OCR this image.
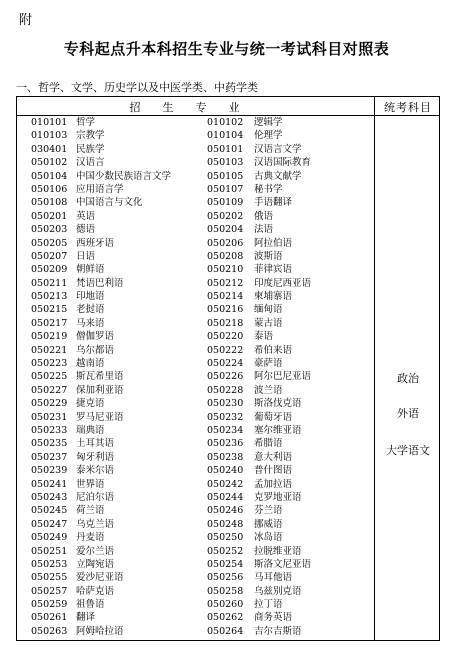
附
专科起点升本科招生专业与统一考试科目对照表
一、哲学、文学、历史学以及中医学类、中药学类
招生专业	统考科目
010101 哲学	010102 逻辑学
010103 宗教学	010104 伦理学
030401 民族学	050101 汉语言文学
050102 汉语言	050103 汉语国际教育
050104 中国少数民族语言文学	050105 古典文献学
050106 应用语言学	050107 秘书学
050108 中国语言与文化	050109 手语翻译
050201 英语	050202 俄语
050203 德语	050204 法语
050205 西班牙语	050206 阿拉伯语
050207 日语	050208 波斯语
050209 朝鲜语	050210 菲律宾语
050211 梵语巴利语	050212 印度尼西亚语
050213 印地语	050214 柬埔寨语
050215 老挝语	050216 缅甸语
050217 马来语	050218 蒙古语
050219 僧伽罗语	050220 泰语
050221 乌尔都语	050222 希伯来语
050223 越南语	050224 豪萨语
050225 斯瓦希里语	050226 阿尔巴尼亚语
050227 保加利亚语	050228 波兰语
050229 捷克语	050230 斯洛伐克语
050231 罗马尼亚语	050232 葡萄牙语
050233 瑞典语	050234 塞尔维亚语
050235 土耳其语	050236 希腊语
050237 匈牙利语	050238 意大利语
050239 泰米尔语	050240 普什图语
050241 世界语	050242 孟加拉语
050243 尼泊尔语	050244 克罗地亚语
050245 荷兰语	050246 芬兰语
050247 乌克兰语	050248 挪威语
050249 丹麦语	050250 冰岛语
050251 爱尔兰语	050252 拉脱维亚语
050253 立陶宛语	050254 斯洛文尼亚语
050255 爱沙尼亚语	050256 马耳他语
050257 哈萨克语	050258 乌兹别克语
050259 祖鲁语	050260 拉丁语
050261 翻译	050262 商务英语
050263 阿姆哈拉语	050264 吉尔吉斯语
政治
外语
大学语文
